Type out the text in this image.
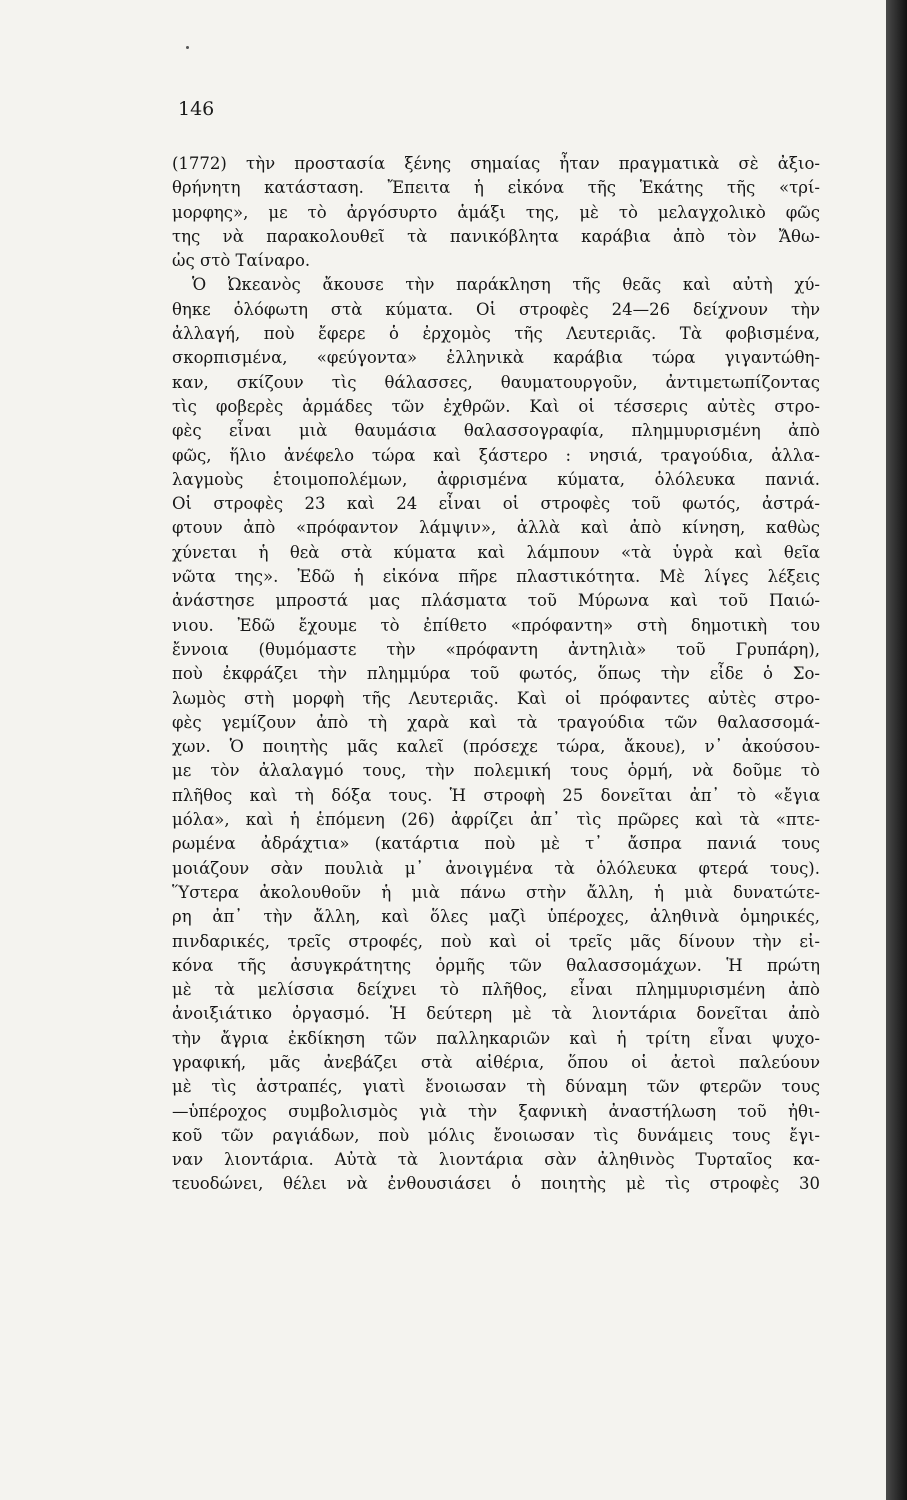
146
(1772) τὴν προστασία ξένης σημαίας ἦταν πραγματικὰ σὲ ἀξιο-
θρήνητη κατάσταση. Ἔπειτα ἡ εἰκόνα τῆς Ἑκάτης τῆς «τρί-
μορφης», με τὸ ἀργόσυρτο ἁμάξι της, μὲ τὸ μελαγχολικὸ φῶς
της νὰ παρακολουθεῖ τὰ πανικόβλητα καράβια ἀπὸ τὸν Ἄθω-
ὡς στὸ Ταίναρο.
Ὁ Ὠκεανὸς ἄκουσε τὴν παράκληση τῆς θεᾶς καὶ αὐτὴ χύ-
θηκε ὁλόφωτη στὰ κύματα. Οἱ στροφὲς 24—26 δείχνουν τὴν
ἀλλαγή, ποὺ ἔφερε ὁ ἐρχομὸς τῆς Λευτεριᾶς. Τὰ φοβισμένα,
σκορπισμένα, «φεύγοντα» ἑλληνικὰ καράβια τώρα γιγαντώθη-
καν, σκίζουν τὶς θάλασσες, θαυματουργοῦν, ἀντιμετωπίζοντας
τὶς φοβερὲς ἀρμάδες τῶν ἐχθρῶν. Καὶ οἱ τέσσερις αὐτὲς στρο-
φὲς εἶναι μιὰ θαυμάσια θαλασσογραφία, πλημμυρισμένη ἀπὸ
φῶς, ἥλιο ἀνέφελο τώρα καὶ ξάστερο : νησιά, τραγούδια, ἀλλα-
λαγμοὺς ἑτοιμοπολέμων, ἀφρισμένα κύματα, ὁλόλευκα πανιά.
Οἱ στροφὲς 23 καὶ 24 εἶναι οἱ στροφὲς τοῦ φωτός, ἀστρά-
φτουν ἀπὸ «πρόφαντον λάμψιν», ἀλλὰ καὶ ἀπὸ κίνηση, καθὼς
χύνεται ἡ θεὰ στὰ κύματα καὶ λάμπουν «τὰ ὑγρὰ καὶ θεῖα
νῶτα της». Ἐδῶ ἡ εἰκόνα πῆρε πλαστικότητα. Μὲ λίγες λέξεις
ἀνάστησε μπροστά μας πλάσματα τοῦ Μύρωνα καὶ τοῦ Παιώ-
νιου. Ἐδῶ ἔχουμε τὸ ἐπίθετο «πρόφαντη» στὴ δημοτικὴ του
ἔννοια (θυμόμαστε τὴν «πρόφαντη ἀντηλιὰ» τοῦ Γρυπάρη),
ποὺ ἐκφράζει τὴν πλημμύρα τοῦ φωτός, ὅπως τὴν εἶδε ὁ Σο-
λωμὸς στὴ μορφὴ τῆς Λευτεριᾶς. Καὶ οἱ πρόφαντες αὐτὲς στρο-
φὲς γεμίζουν ἀπὸ τὴ χαρὰ καὶ τὰ τραγούδια τῶν θαλασσομά-
χων. Ὁ ποιητὴς μᾶς καλεῖ (πρόσεχε τώρα, ἄκουε), ν᾽ ἀκούσου-
με τὸν ἀλαλαγμό τους, τὴν πολεμική τους ὁρμή, νὰ δοῦμε τὸ
πλῆθος καὶ τὴ δόξα τους. Ἡ στροφὴ 25 δονεῖται ἀπ᾽ τὸ «ἔγια
μόλα», καὶ ἡ ἑπόμενη (26) ἀφρίζει ἀπ᾽ τὶς πρῶρες καὶ τὰ «πτε-
ρωμένα ἀδράχτια» (κατάρτια ποὺ μὲ τ᾽ ἄσπρα πανιά τους
μοιάζουν σὰν πουλιὰ μ᾽ ἀνοιγμένα τὰ ὁλόλευκα φτερά τους).
Ὕστερα ἀκολουθοῦν ἡ μιὰ πάνω στὴν ἄλλη, ἡ μιὰ δυνατώτε-
ρη ἀπ᾽ τὴν ἄλλη, καὶ ὅλες μαζὶ ὑπέροχες, ἀληθινὰ ὁμηρικές,
πινδαρικές, τρεῖς στροφές, ποὺ καὶ οἱ τρεῖς μᾶς δίνουν τὴν εἰ-
κόνα τῆς ἀσυγκράτητης ὁρμῆς τῶν θαλασσομάχων. Ἡ πρώτη
μὲ τὰ μελίσσια δείχνει τὸ πλῆθος, εἶναι πλημμυρισμένη ἀπὸ
ἀνοιξιάτικο ὀργασμό. Ἡ δεύτερη μὲ τὰ λιοντάρια δονεῖται ἀπὸ
τὴν ἄγρια ἐκδίκηση τῶν παλληκαριῶν καὶ ἡ τρίτη εἶναι ψυχο-
γραφική, μᾶς ἀνεβάζει στὰ αἰθέρια, ὅπου οἱ ἀετοὶ παλεύουν
μὲ τὶς ἀστραπές, γιατὶ ἔνοιωσαν τὴ δύναμη τῶν φτερῶν τους
—ὑπέροχος συμβολισμὸς γιὰ τὴν ξαφνικὴ ἀναστήλωση τοῦ ἠθι-
κοῦ τῶν ραγιάδων, ποὺ μόλις ἔνοιωσαν τὶς δυνάμεις τους ἔγι-
ναν λιοντάρια. Αὐτὰ τὰ λιοντάρια σὰν ἀληθινὸς Τυρταῖος κα-
τευοδώνει, θέλει νὰ ἐνθουσιάσει ὁ ποιητὴς μὲ τὶς στροφὲς 30
